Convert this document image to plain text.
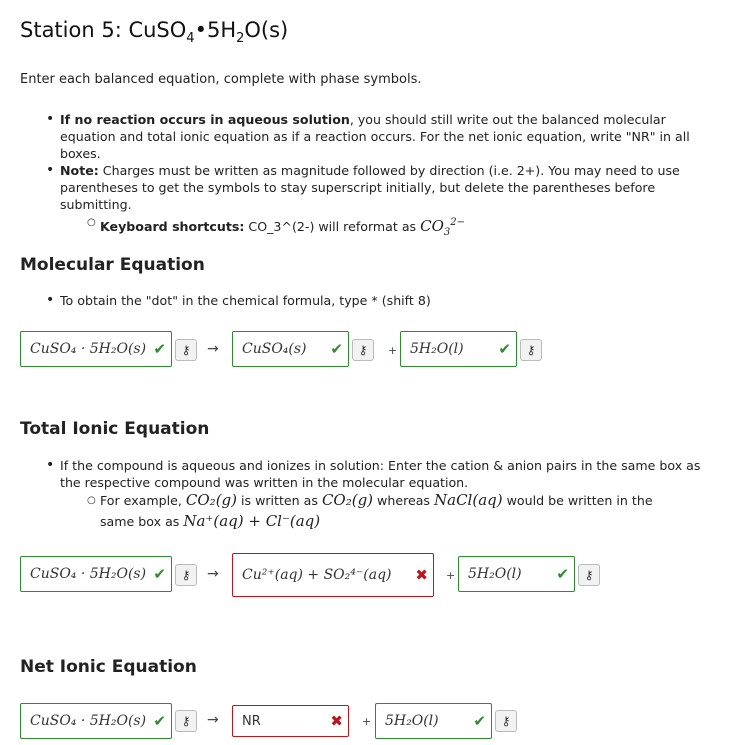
Station 5: $CuSO_4•5H_2O(s)$
Enter each balanced equation, complete with phase symbols.
• If no reaction occurs in aqueous solution, you should still write out the balanced molecular
equation and total ionic equation as if a reaction occurs. For the net ionic equation, write "NR" in all
boxes.
• Note: Charges must be written as magnitude followed by direction (i.e. 2+). You may need to use
parentheses to get the symbols to stay superscript initially, but delete the parentheses before
submitting.
○ Keyboard shortcuts: CO_3^(2-) will reformat as $CO_3^{2-}$
Molecular Equation
• To obtain the "dot" in the chemical formula, type * (shift 8)
CuSO₄ · 5H₂O(s) ✔	⚷	→ CuSO₄(s) ✔	⚷	+ 5H₂O(l) ✔	⚷
Total Ionic Equation
• If the compound is aqueous and ionizes in solution: Enter the cation & anion pairs in the same box as
the respective compound was written in the molecular equation.
○ For example, CO₂(g) is written as CO₂(g) whereas NaCl(aq) would be written in the
same box as Na⁺(aq) + Cl⁻(aq)
CuSO₄ · 5H₂O(s) ✔	⚷	→ Cu²⁺(aq) + SO₂⁴⁻(aq) ✖ + 5H₂O(l) ✔	⚷
Net Ionic Equation
CuSO₄ · 5H₂O(s) ✔	⚷	→ NR	✖ + 5H₂O(l) ✔	⚷
